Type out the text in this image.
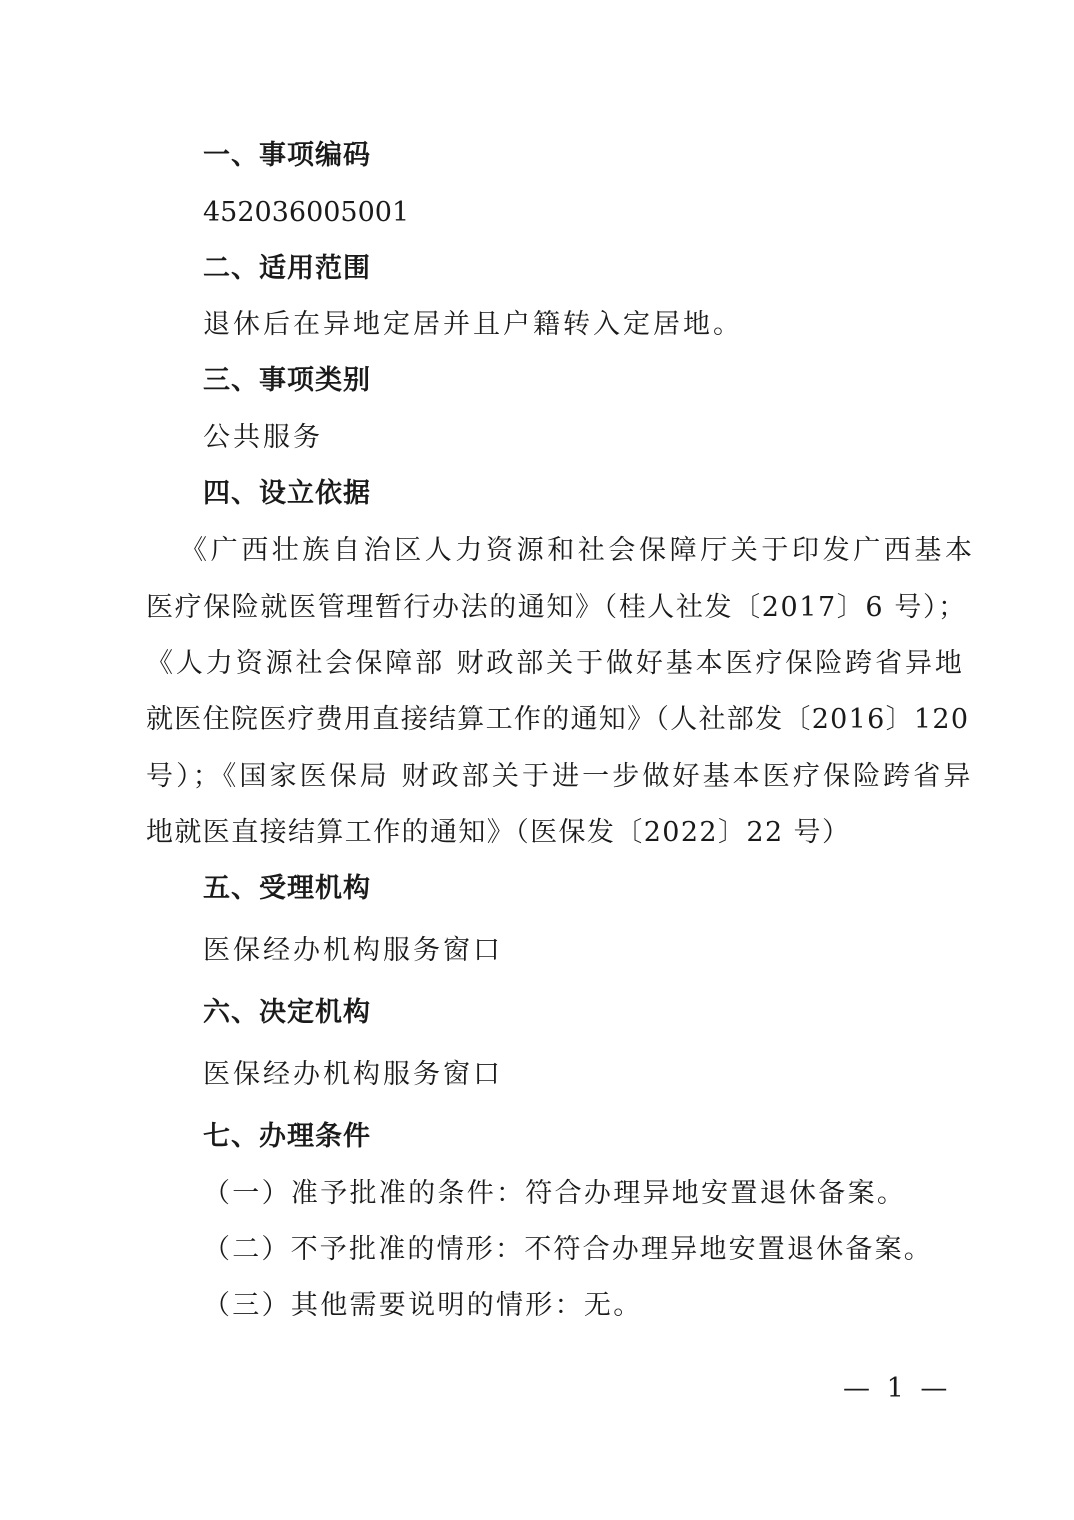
一、事项编码
452036005001
二、适用范围
退休后在异地定居并且户籍转入定居地。
三、事项类别
公共服务
四、设立依据
《广西壮族自治区人力资源和社会保障厅关于印发广西基本
医疗保险就医管理暂行办法的通知》（桂人社发〔2017〕6 号）；
《人力资源社会保障部 财政部关于做好基本医疗保险跨省异地
就医住院医疗费用直接结算工作的通知》（人社部发〔2016〕120
号）；《国家医保局 财政部关于进一步做好基本医疗保险跨省异
地就医直接结算工作的通知》（医保发〔2022〕22 号）
五、受理机构
医保经办机构服务窗口
六、决定机构
医保经办机构服务窗口
七、办理条件
（一）准予批准的条件：符合办理异地安置退休备案。
（二）不予批准的情形：不符合办理异地安置退休备案。
（三）其他需要说明的情形：无。
— 1 —
